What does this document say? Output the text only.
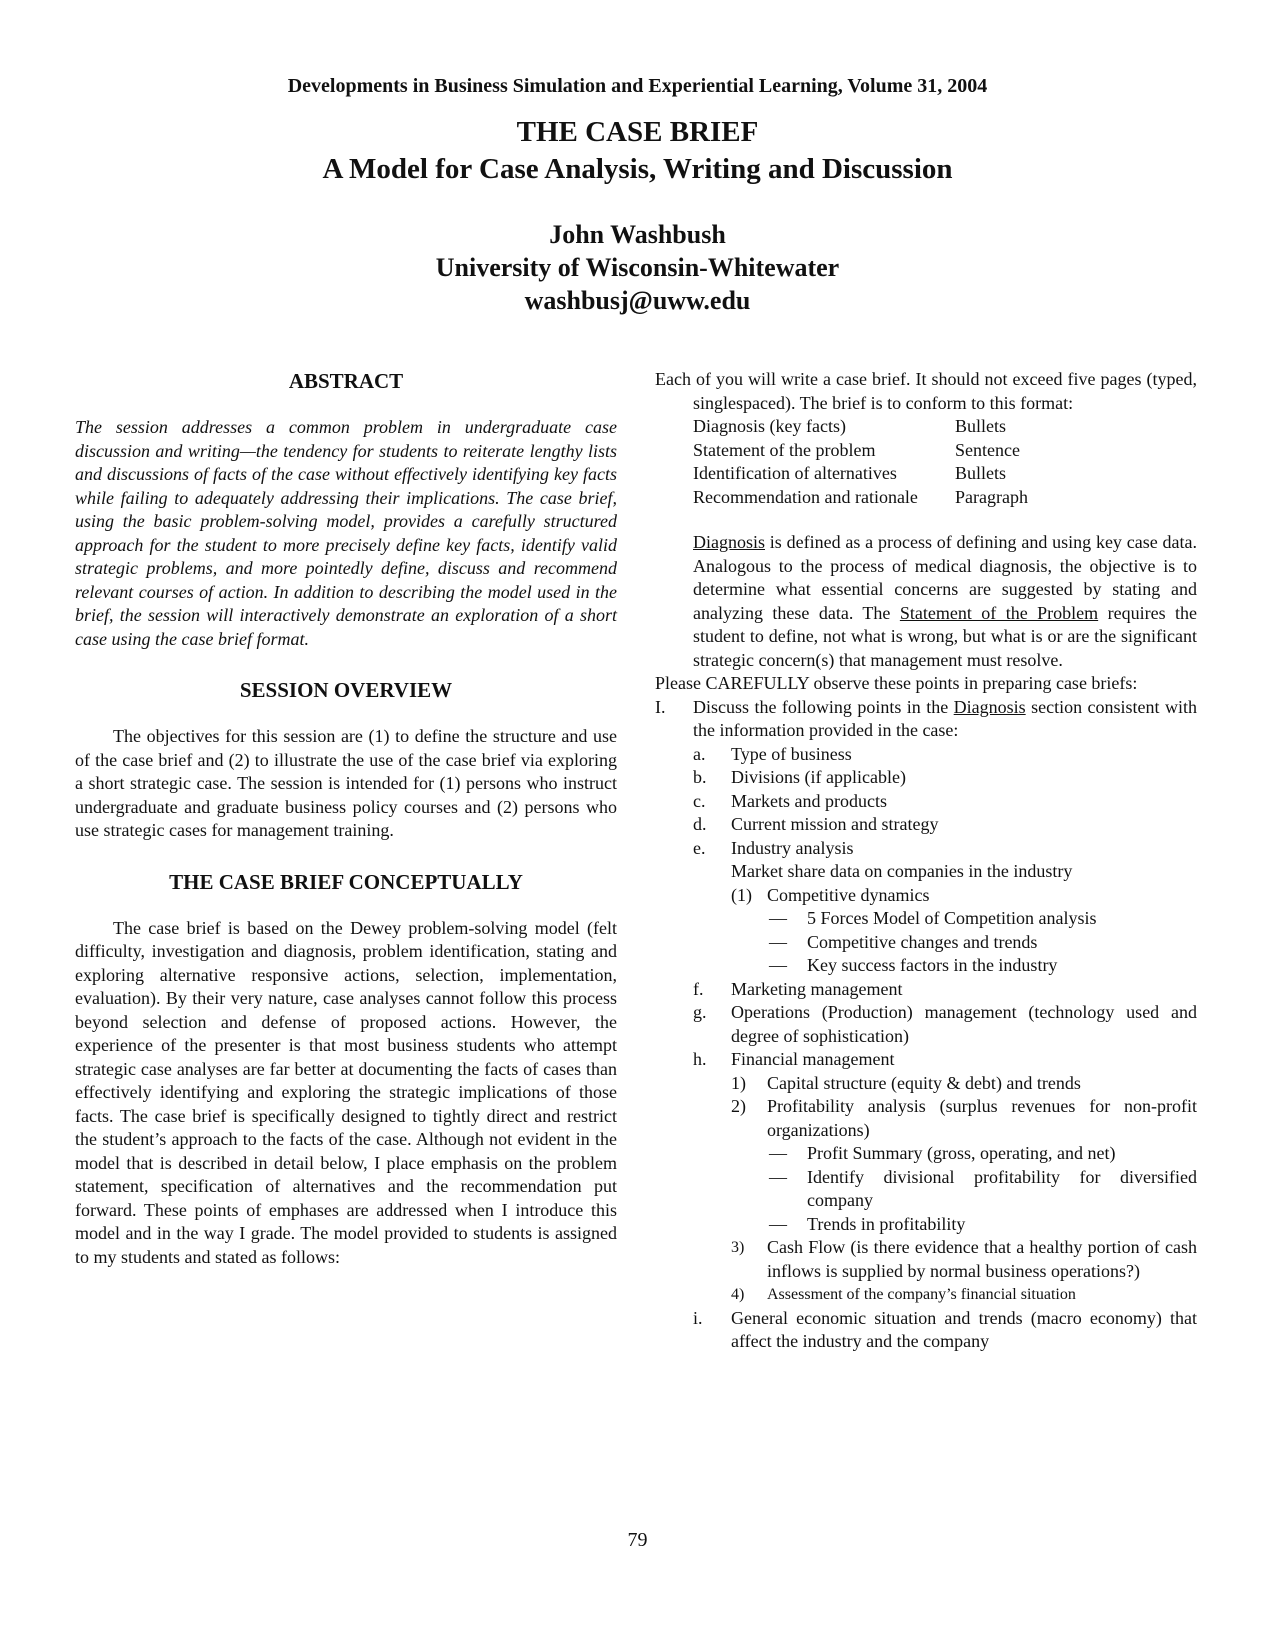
Developments in Business Simulation and Experiential Learning, Volume 31, 2004
THE CASE BRIEF
A Model for Case Analysis, Writing and Discussion
John Washbush
University of Wisconsin-Whitewater
washbusj@uww.edu
ABSTRACT

The session addresses a common problem in undergraduate case discussion and writing—the tendency for students to reiterate lengthy lists and discussions of facts of the case without effectively identifying key facts while failing to adequately addressing their implications. The case brief, using the basic problem-solving model, provides a carefully structured approach for the student to more precisely define key facts, identify valid strategic problems, and more pointedly define, discuss and recommend relevant courses of action. In addition to describing the model used in the brief, the session will interactively demonstrate an exploration of a short case using the case brief format.

SESSION OVERVIEW

The objectives for this session are (1) to define the structure and use of the case brief and (2) to illustrate the use of the case brief via exploring a short strategic case. The session is intended for (1) persons who instruct undergraduate and graduate business policy courses and (2) persons who use strategic cases for management training.

THE CASE BRIEF CONCEPTUALLY

The case brief is based on the Dewey problem-solving model (felt difficulty, investigation and diagnosis, problem identification, stating and exploring alternative responsive actions, selection, implementation, evaluation). By their very nature, case analyses cannot follow this process beyond selection and defense of proposed actions. However, the experience of the presenter is that most business students who attempt strategic case analyses are far better at documenting the facts of cases than effectively identifying and exploring the strategic implications of those facts. The case brief is specifically designed to tightly direct and restrict the student’s approach to the facts of the case. Although not evident in the model that is described in detail below, I place emphasis on the problem statement, specification of alternatives and the recommendation put forward. These points of emphases are addressed when I introduce this model and in the way I grade. The model provided to students is assigned to my students and stated as follows:

Each of you will write a case brief. It should not exceed five pages (typed, singlespaced). The brief is to conform to this format:

Diagnosis (key facts)	Bullets
Statement of the problem	Sentence
Identification of alternatives	Bullets
Recommendation and rationale	Paragraph

Diagnosis is defined as a process of defining and using key case data. Analogous to the process of medical diagnosis, the objective is to determine what essential concerns are suggested by stating and analyzing these data. The Statement of the Problem requires the student to define, not what is wrong, but what is or are the significant strategic concern(s) that management must resolve.

Please CAREFULLY observe these points in preparing case briefs:

I.	Discuss the following points in the Diagnosis section consistent with the information provided in the case:
a.	Type of business
b.	Divisions (if applicable)
c.	Markets and products
d.	Current mission and strategy
e.	Industry analysis
Market share data on companies in the industry
(1) Competitive dynamics
—	5 Forces Model of Competition analysis
—	Competitive changes and trends
—	Key success factors in the industry
f.	Marketing management
g.	Operations (Production) management (technology used and degree of sophistication)
h.	Financial management
1)	Capital structure (equity & debt) and trends
2)	Profitability analysis (surplus revenues for non-profit organizations)
—	Profit Summary (gross, operating, and net)
—	Identify divisional profitability for diversified company
—	Trends in profitability
3)	Cash Flow (is there evidence that a healthy portion of cash inflows is supplied by normal business operations?)
4)	Assessment of the company’s financial situation
i.	General economic situation and trends (macro economy) that affect the industry and the company
79
